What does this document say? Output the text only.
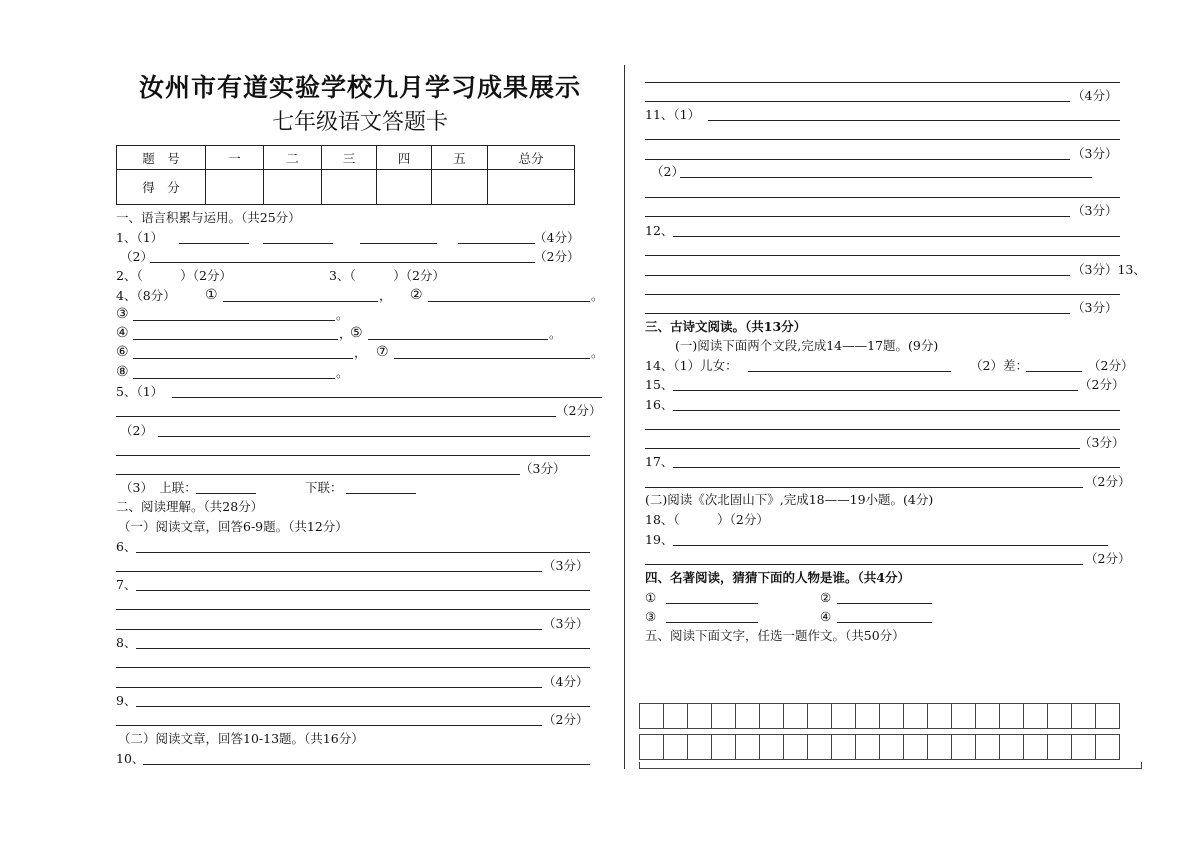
汝州市有道实验学校九月学习成果展示
七年级语文答题卡
题　号	一	二	三	四	五	总分
得　分						
一、语言积累与运用。（共25分）
1、（1）	（4分）
（2）	（2分）
2、（　　　）（2分）	3、（　　　）（2分）
4、（8分） ①	， ②	。
③	。
④	，
⑤	。
⑥	， ⑦	。
⑧	。
5、（1）
（2分）
（2）
（3分）
（3）　上联：	下联：
二、阅读理解。（共28分）
（一）阅读文章，回答6-9题。（共12分）
6、
（3分）
7、
（3分）
8、
（4分）
9、
（2分）
（二）阅读文章，回答10-13题。（共16分）
10、
（4分）
11、（1）
（3分）
（2）
（3分）
12、
（3分）13、
（3分）
三、古诗文阅读。（共13分）
(一)阅读下面两个文段,完成14——17题。(9分)
14、（1）儿女：	（2）差：	（2分）
15、	（2分）
16、
（3分）
17、
（2分）
(二)阅读《次北固山下》,完成18——19小题。(4分)
18、（　　　）（2分）
19、
（2分）
四、名著阅读，猜猜下面的人物是谁。（共4分）
①	②
③	④
五、阅读下面文字，任选一题作文。（共50分）
